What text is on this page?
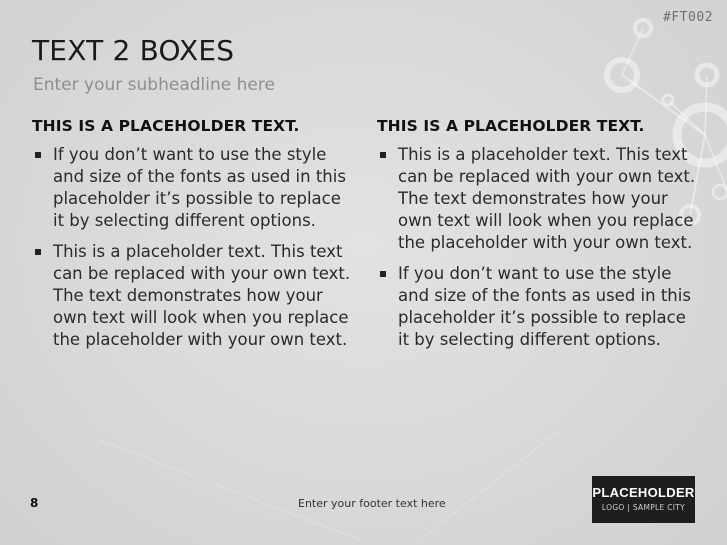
#FT002
TEXT 2 BOXES
Enter your subheadline here
THIS IS A PLACEHOLDER TEXT.
If you don’t want to use the style and size of the fonts as used in this placeholder it’s possible to replace it by selecting different options.
This is a placeholder text. This text can be replaced with your own text. The text demonstrates how your own text will look when you replace the placeholder with your own text.
THIS IS A PLACEHOLDER TEXT.
This is a placeholder text. This text can be replaced with your own text. The text demonstrates how your own text will look when you replace the placeholder with your own text.
If you don’t want to use the style and size of the fonts as used in this placeholder it’s possible to replace it by selecting different options.
8	Enter your footer text here
PLACEHOLDER
LOGO | SAMPLE CITY
